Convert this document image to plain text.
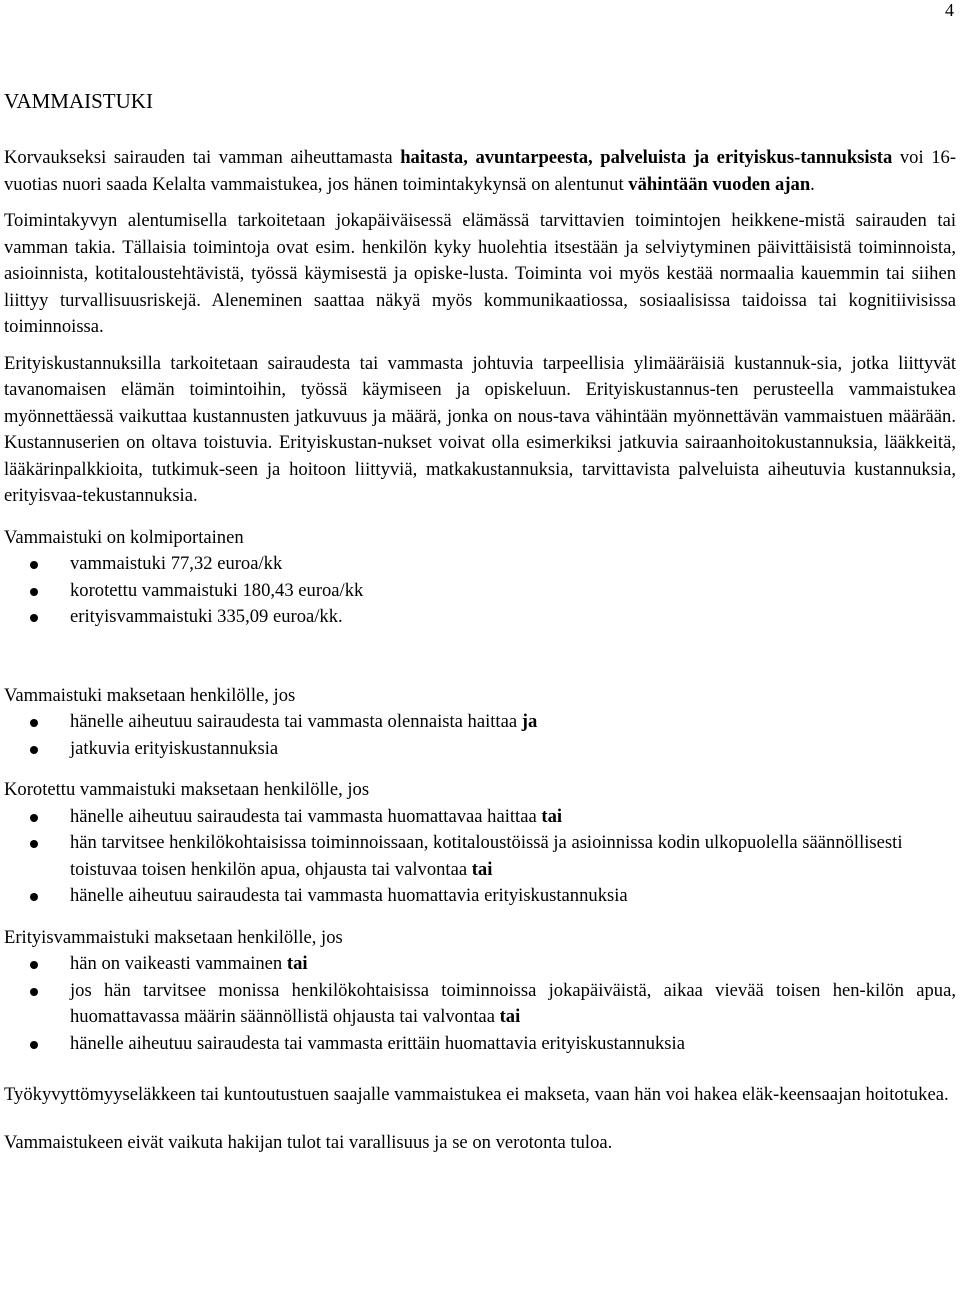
4
VAMMAISTUKI

Korvaukseksi sairauden tai vamman aiheuttamasta haitasta, avuntarpeesta, palveluista ja erityiskus-tannuksista voi 16-vuotias nuori saada Kelalta vammaistukea, jos hänen toimintakykynsä on alentunut vähintään vuoden ajan.

Toimintakyvyn alentumisella tarkoitetaan jokapäiväisessä elämässä tarvittavien toimintojen heikkene-mistä sairauden tai vamman takia. Tällaisia toimintoja ovat esim. henkilön kyky huolehtia itsestään ja selviytyminen päivittäisistä toiminnoista, asioinnista, kotitaloustehtävistä, työssä käymisestä ja opiske-lusta. Toiminta voi myös kestää normaalia kauemmin tai siihen liittyy turvallisuusriskejä. Aleneminen saattaa näkyä myös kommunikaatiossa, sosiaalisissa taidoissa tai kognitiivisissa toiminnoissa.

Erityiskustannuksilla tarkoitetaan sairaudesta tai vammasta johtuvia tarpeellisia ylimääräisiä kustannuk-sia, jotka liittyvät tavanomaisen elämän toimintoihin, työssä käymiseen ja opiskeluun. Erityiskustannus-ten perusteella vammaistukea myönnettäessä vaikuttaa kustannusten jatkuvuus ja määrä, jonka on nous-tava vähintään myönnettävän vammaistuen määrään. Kustannuserien on oltava toistuvia. Erityiskustan-nukset voivat olla esimerkiksi jatkuvia sairaanhoitokustannuksia, lääkkeitä, lääkärinpalkkioita, tutkimuk-seen ja hoitoon liittyviä, matkakustannuksia, tarvittavista palveluista aiheutuvia kustannuksia, erityisvaa-tekustannuksia.

Vammaistuki on kolmiportainen

vammaistuki 77,32 euroa/kk
korotettu vammaistuki 180,43 euroa/kk
erityisvammaistuki 335,09 euroa/kk.

Vammaistuki maksetaan henkilölle, jos

hänelle aiheutuu sairaudesta tai vammasta olennaista haittaa ja
jatkuvia erityiskustannuksia

Korotettu vammaistuki maksetaan henkilölle, jos

hänelle aiheutuu sairaudesta tai vammasta huomattavaa haittaa tai
hän tarvitsee henkilökohtaisissa toiminnoissaan, kotitaloustöissä ja asioinnissa kodin ulkopuolella säännöllisesti toistuvaa toisen henkilön apua, ohjausta tai valvontaa tai
hänelle aiheutuu sairaudesta tai vammasta huomattavia erityiskustannuksia

Erityisvammaistuki maksetaan henkilölle, jos

hän on vaikeasti vammainen tai
jos hän tarvitsee monissa henkilökohtaisissa toiminnoissa jokapäiväistä, aikaa vievää toisen hen-kilön apua, huomattavassa määrin säännöllistä ohjausta tai valvontaa tai
hänelle aiheutuu sairaudesta tai vammasta erittäin huomattavia erityiskustannuksia

Työkyvyttömyyseläkkeen tai kuntoutustuen saajalle vammaistukea ei makseta, vaan hän voi hakea eläk-keensaajan hoitotukea.

Vammaistukeen eivät vaikuta hakijan tulot tai varallisuus ja se on verotonta tuloa.
